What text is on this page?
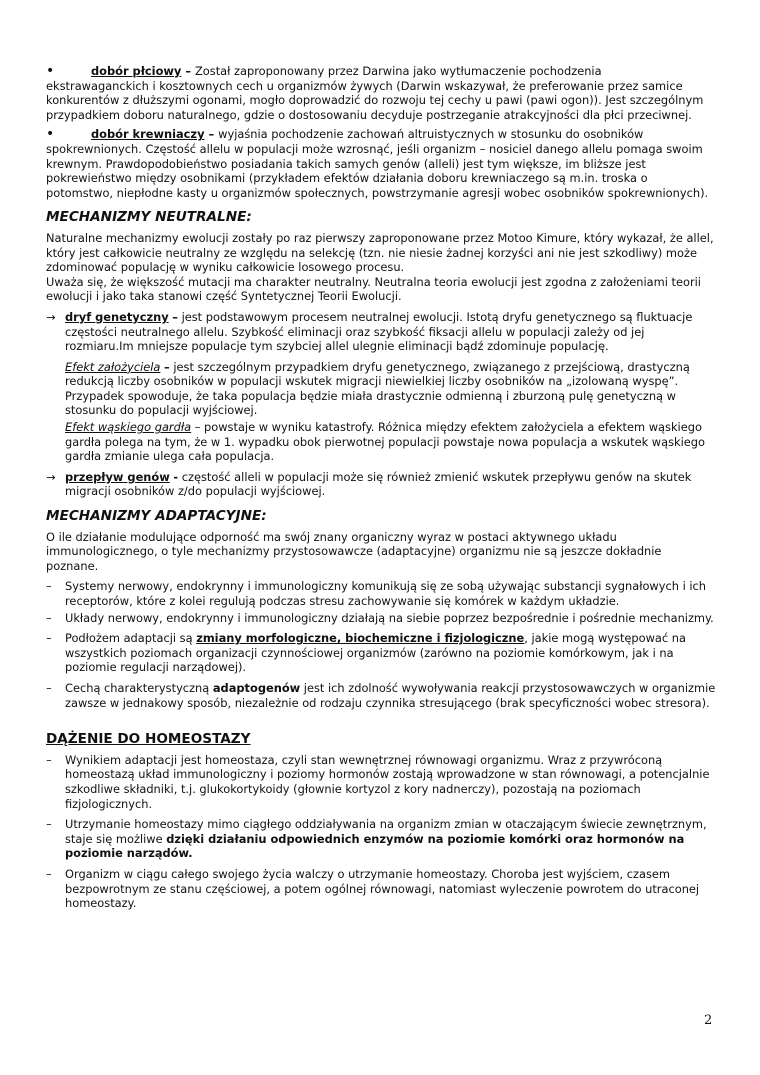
•	dobór płciowy – Został zaproponowany przez Darwina jako wytłumaczenie pochodzenia
ekstrawaganckich i kosztownych cech u organizmów żywych (Darwin wskazywał, że preferowanie przez samice konkurentów z dłuższymi ogonami, mogło doprowadzić do rozwoju tej cechy u pawi (pawi ogon)). Jest szczególnym przypadkiem doboru naturalnego, gdzie o dostosowaniu decyduje postrzeganie atrakcyjności dla płci przeciwnej.
•	dobór krewniaczy – wyjaśnia pochodzenie zachowań altruistycznych w stosunku do osobników
spokrewnionych. Częstość allelu w populacji może wzrosnąć, jeśli organizm – nosiciel danego allelu pomaga swoim krewnym. Prawdopodobieństwo posiadania takich samych genów (alleli) jest tym większe, im bliższe jest pokrewieństwo między osobnikami (przykładem efektów działania doboru krewniaczego są m.in. troska o potomstwo, niepłodne kasty u organizmów społecznych, powstrzymanie agresji wobec osobników spokrewnionych).
MECHANIZMY NEUTRALNE:
Naturalne mechanizmy ewolucji zostały po raz pierwszy zaproponowane przez Motoo Kimure, który wykazał, że allel, który jest całkowicie neutralny ze względu na selekcję (tzn. nie niesie żadnej korzyści ani nie jest szkodliwy) może zdominować populację w wyniku całkowicie losowego procesu.
Uważa się, że większość mutacji ma charakter neutralny. Neutralna teoria ewolucji jest zgodna z założeniami teorii ewolucji i jako taka stanowi część Syntetycznej Teorii Ewolucji.
→ dryf genetyczny – jest podstawowym procesem neutralnej ewolucji. Istotą dryfu genetycznego są fluktuacje częstości neutralnego allelu. Szybkość eliminacji oraz szybkość fiksacji allelu w populacji zależy od jej rozmiaru.Im mniejsze populacje tym szybciej allel ulegnie eliminacji bądź zdominuje populację.
Efekt założyciela – jest szczególnym przypadkiem dryfu genetycznego, związanego z przejściową, drastyczną redukcją liczby osobników w populacji wskutek migracji niewielkiej liczby osobników na „izolowaną wyspę”. Przypadek spowoduje, że taka populacja będzie miała drastycznie odmienną i zburzoną pulę genetyczną w stosunku do populacji wyjściowej.
Efekt wąskiego gardła – powstaje w wyniku katastrofy. Różnica między efektem założyciela a efektem wąskiego gardła polega na tym, że w 1. wypadku obok pierwotnej populacji powstaje nowa populacja a wskutek wąskiego gardła zmianie ulega cała populacja.
→ przepływ genów - częstość alleli w populacji może się również zmienić wskutek przepływu genów na skutek migracji osobników z/do populacji wyjściowej.
MECHANIZMY ADAPTACYJNE:
O ile działanie modulujące odporność ma swój znany organiczny wyraz w postaci aktywnego układu immunologicznego, o tyle mechanizmy przystosowawcze (adaptacyjne) organizmu nie są jeszcze dokładnie poznane.
– Systemy nerwowy, endokrynny i immunologiczny komunikują się ze sobą używając substancji sygnałowych i ich receptorów, które z kolei regulują podczas stresu zachowywanie się komórek w każdym układzie.
– Układy nerwowy, endokrynny i immunologiczny działają na siebie poprzez bezpośrednie i pośrednie mechanizmy.
– Podłożem adaptacji są zmiany morfologiczne, biochemiczne i fizjologiczne, jakie mogą występować na wszystkich poziomach organizacji czynnościowej organizmów (zarówno na poziomie komórkowym, jak i na poziomie regulacji narządowej).
– Cechą charakterystyczną adaptogenów jest ich zdolność wywoływania reakcji przystosowawczych w organizmie zawsze w jednakowy sposób, niezależnie od rodzaju czynnika stresującego (brak specyficzności wobec stresora).
DĄŻENIE DO HOMEOSTAZY
– Wynikiem adaptacji jest homeostaza, czyli stan wewnętrznej równowagi organizmu. Wraz z przywróconą homeostazą układ immunologiczny i poziomy hormonów zostają wprowadzone w stan równowagi, a potencjalnie szkodliwe składniki, t.j. glukokortykoidy (głownie kortyzol z kory nadnerczy), pozostają na poziomach fizjologicznych.
– Utrzymanie homeostazy mimo ciągłego oddziaływania na organizm zmian w otaczającym świecie zewnętrznym, staje się możliwe dzięki działaniu odpowiednich enzymów na poziomie komórki oraz hormonów na poziomie narządów.
– Organizm w ciągu całego swojego życia walczy o utrzymanie homeostazy. Choroba jest wyjściem, czasem bezpowrotnym ze stanu częściowej, a potem ogólnej równowagi, natomiast wyleczenie powrotem do utraconej homeostazy.
2
